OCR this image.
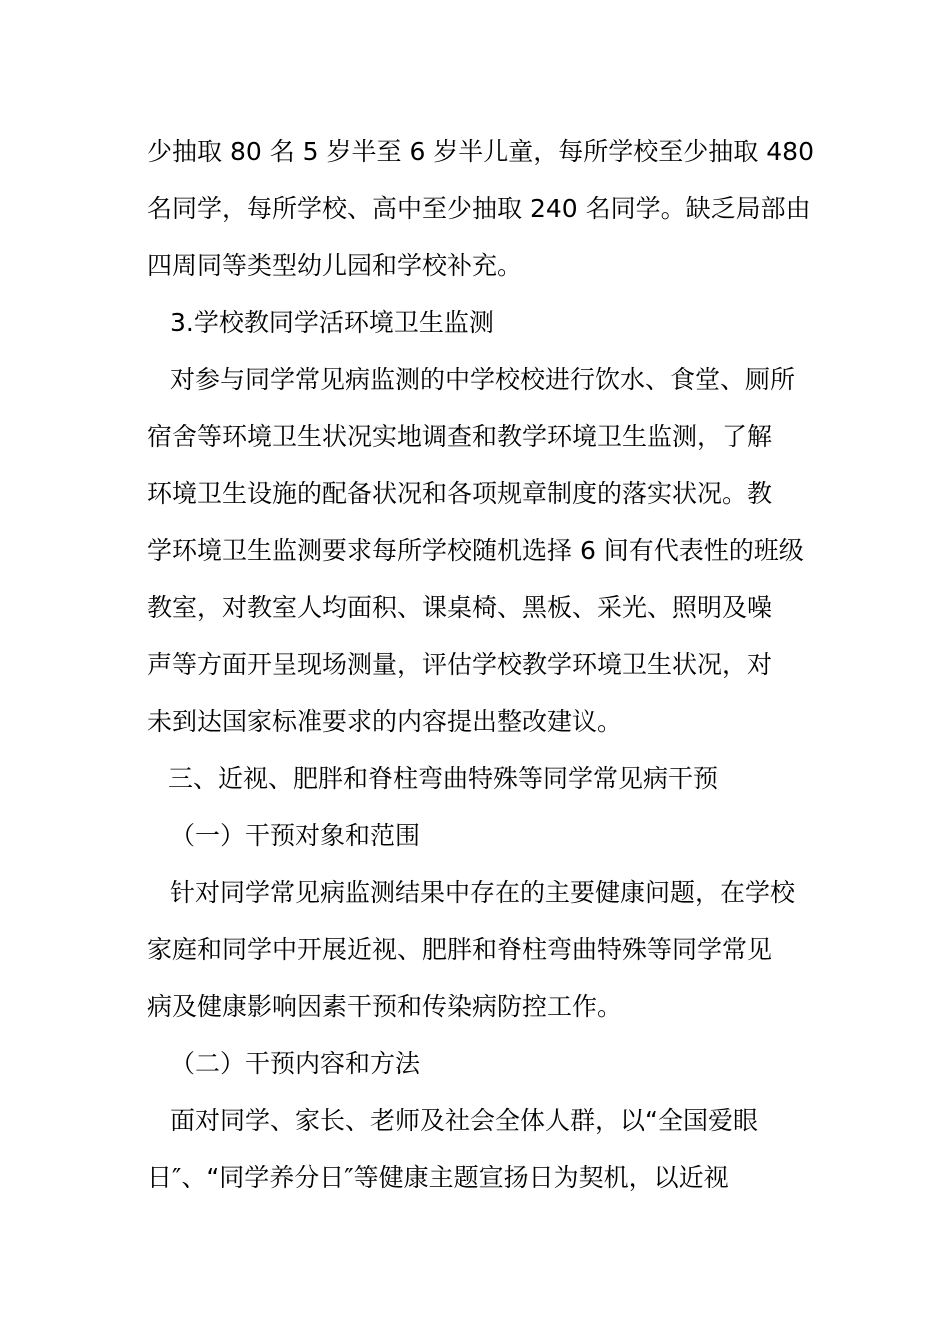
少抽取 80 名 5 岁半至 6 岁半儿童，每所学校至少抽取 480
名同学，每所学校、高中至少抽取 240 名同学。缺乏局部由
四周同等类型幼儿园和学校补充。
3.学校教同学活环境卫生监测
对参与同学常见病监测的中学校校进行饮水、食堂、厕所
宿舍等环境卫生状况实地调查和教学环境卫生监测，了解
环境卫生设施的配备状况和各项规章制度的落实状况。教
学环境卫生监测要求每所学校随机选择 6 间有代表性的班级
教室，对教室人均面积、课桌椅、黑板、采光、照明及噪
声等方面开呈现场测量，评估学校教学环境卫生状况，对
未到达国家标准要求的内容提出整改建议。
三、近视、肥胖和脊柱弯曲特殊等同学常见病干预
（一）干预对象和范围
针对同学常见病监测结果中存在的主要健康问题，在学校
家庭和同学中开展近视、肥胖和脊柱弯曲特殊等同学常见
病及健康影响因素干预和传染病防控工作。
（二）干预内容和方法
面对同学、家长、老师及社会全体人群，以“全国爱眼
日″、“同学养分日″等健康主题宣扬日为契机，以近视
